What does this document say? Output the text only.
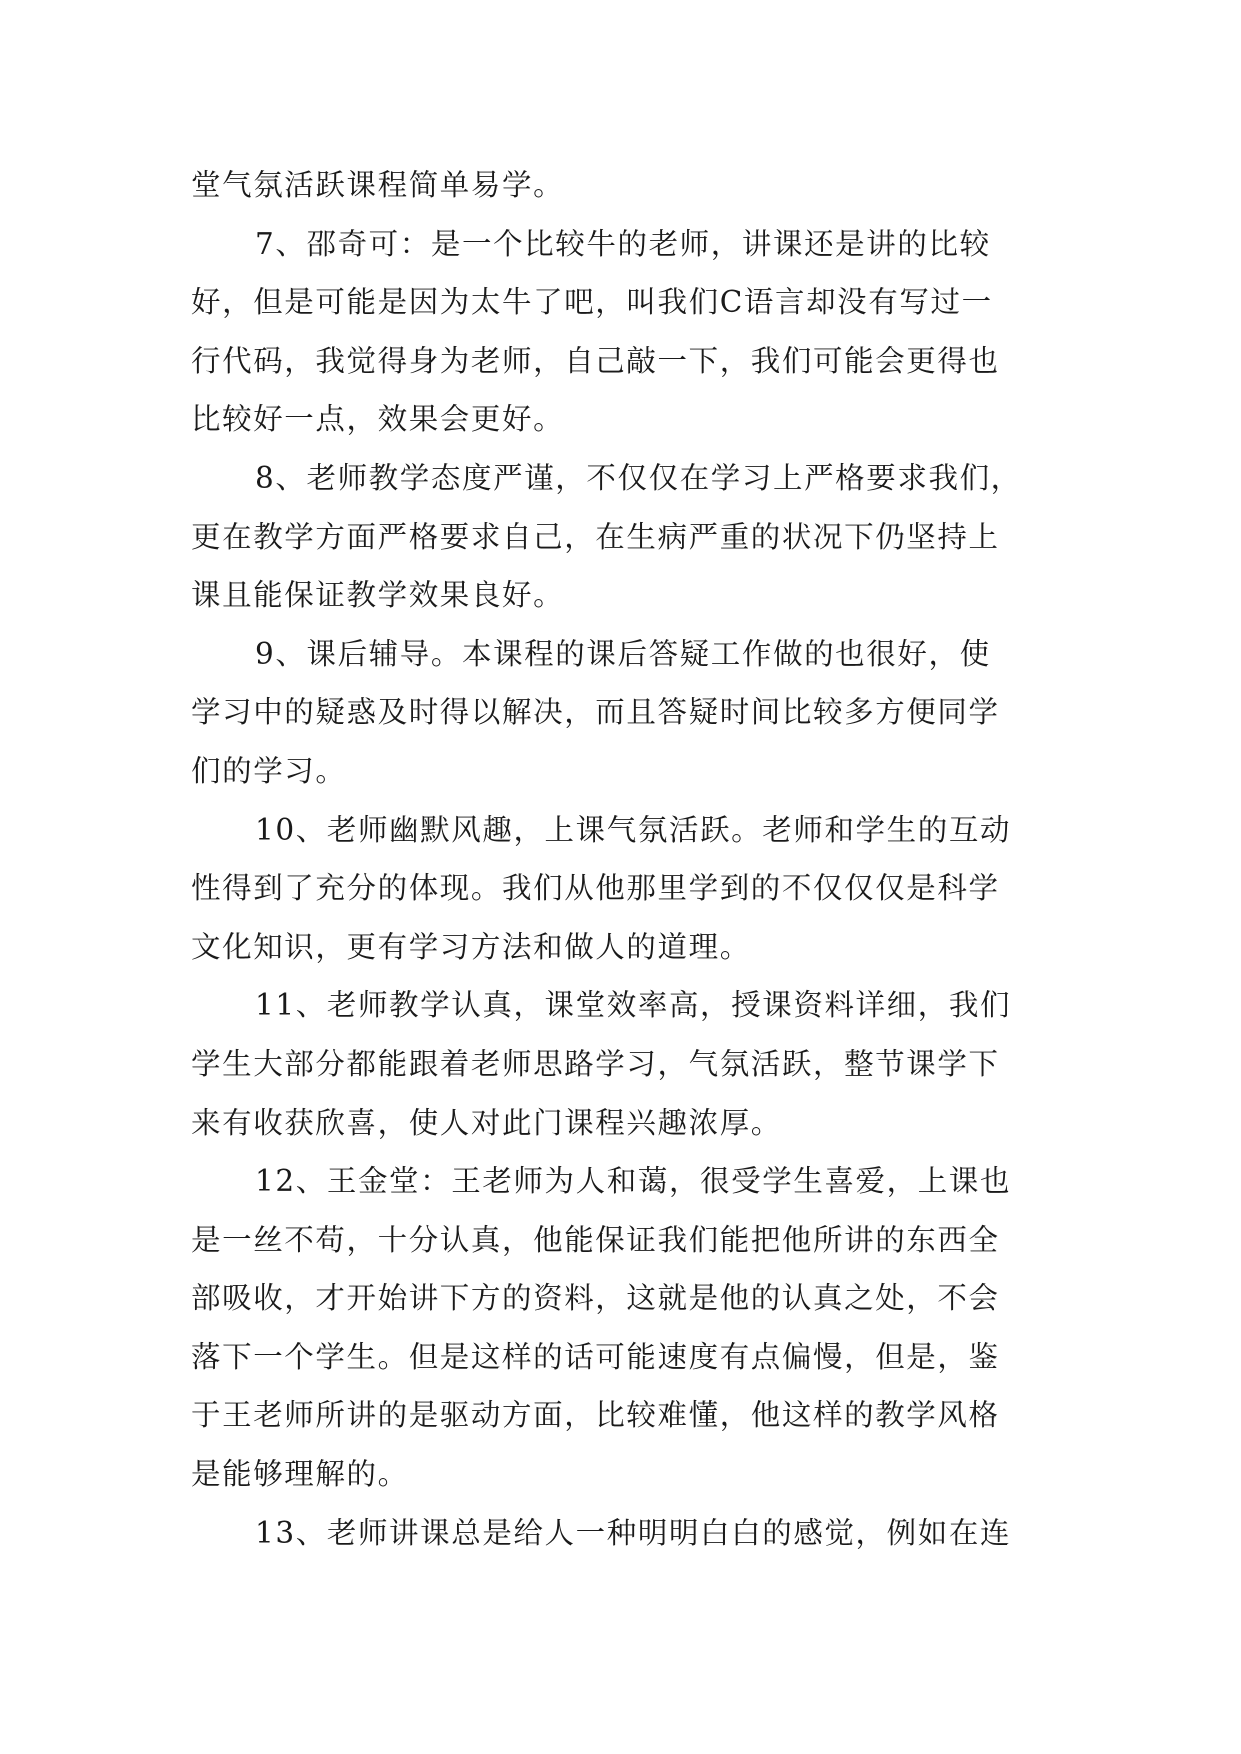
堂气氛活跃课程简单易学。
7、邵奇可：是一个比较牛的老师，讲课还是讲的比较
好，但是可能是因为太牛了吧，叫我们C语言却没有写过一
行代码，我觉得身为老师，自己敲一下，我们可能会更得也
比较好一点，效果会更好。
8、老师教学态度严谨，不仅仅在学习上严格要求我们，
更在教学方面严格要求自己，在生病严重的状况下仍坚持上
课且能保证教学效果良好。
9、课后辅导。本课程的课后答疑工作做的也很好，使
学习中的疑惑及时得以解决，而且答疑时间比较多方便同学
们的学习。
10、老师幽默风趣，上课气氛活跃。老师和学生的互动
性得到了充分的体现。我们从他那里学到的不仅仅仅是科学
文化知识，更有学习方法和做人的道理。
11、老师教学认真，课堂效率高，授课资料详细，我们
学生大部分都能跟着老师思路学习，气氛活跃，整节课学下
来有收获欣喜，使人对此门课程兴趣浓厚。
12、王金堂：王老师为人和蔼，很受学生喜爱，上课也
是一丝不苟，十分认真，他能保证我们能把他所讲的东西全
部吸收，才开始讲下方的资料，这就是他的认真之处，不会
落下一个学生。但是这样的话可能速度有点偏慢，但是，鉴
于王老师所讲的是驱动方面，比较难懂，他这样的教学风格
是能够理解的。
13、老师讲课总是给人一种明明白白的感觉，例如在连
